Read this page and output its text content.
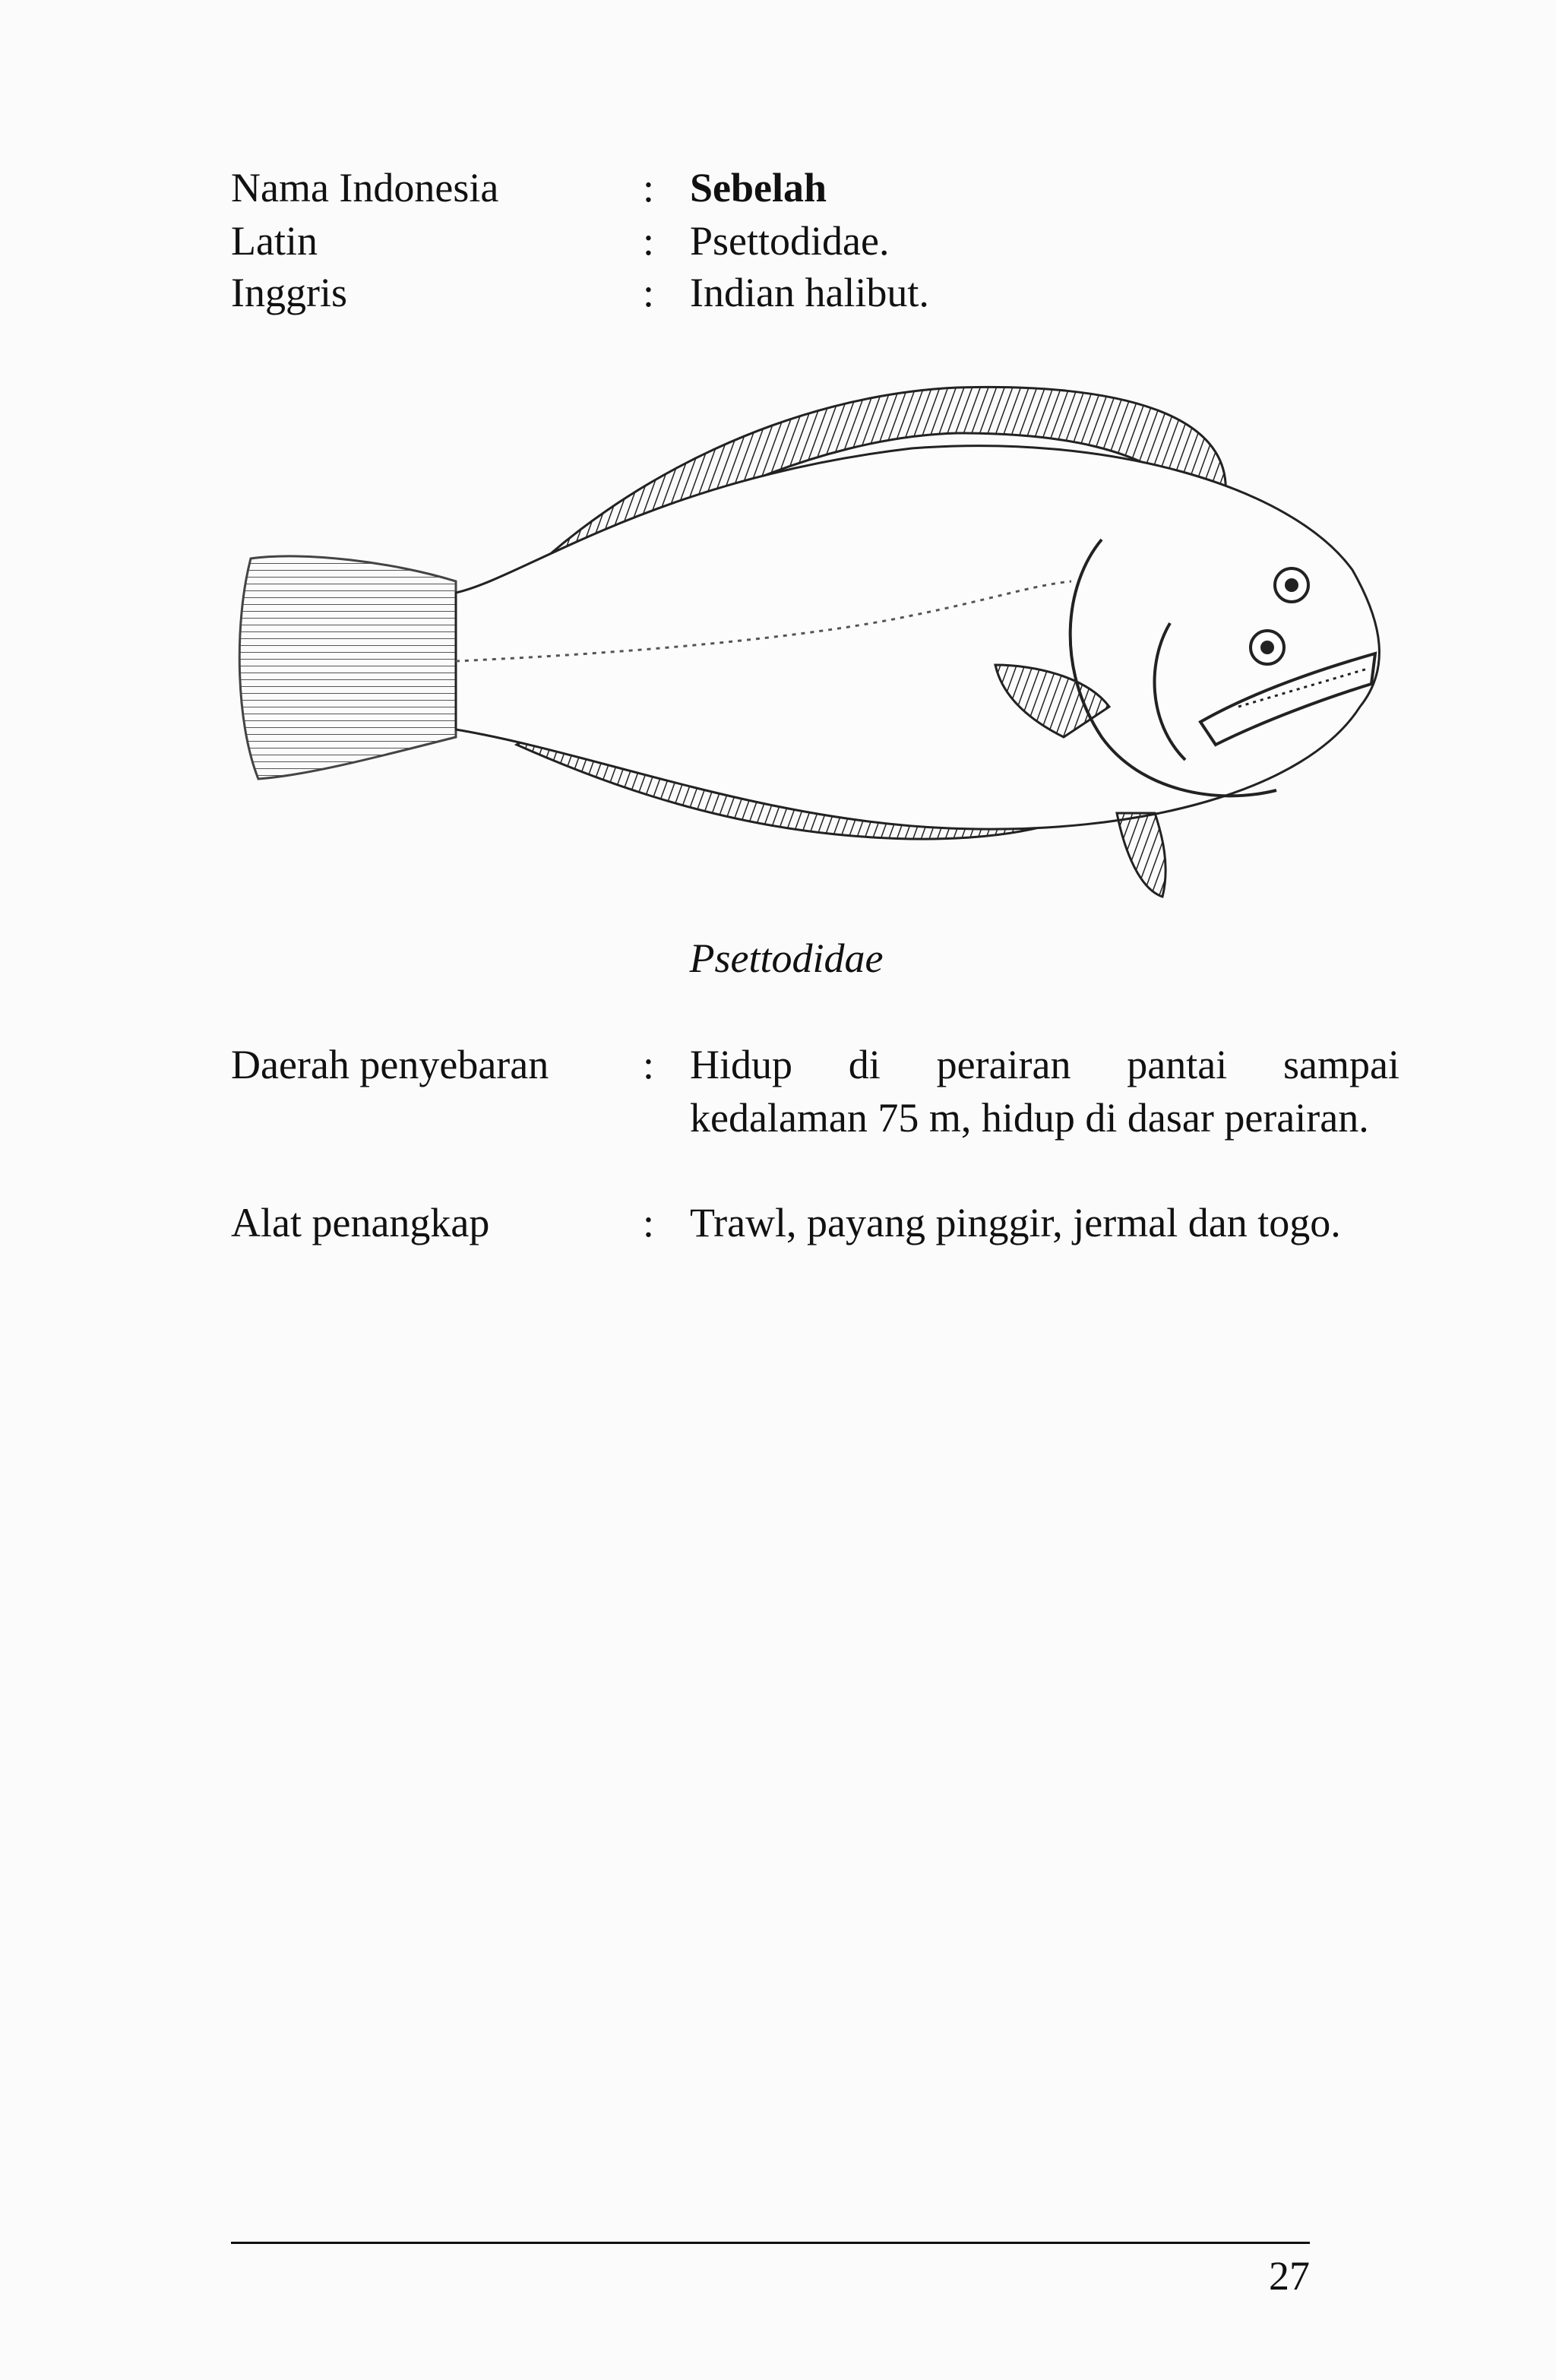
Nama Indonesia	: Sebelah
Latin	: Psettodidae.
Inggris	: Indian halibut.
Psettodidae
Daerah penyebaran : Hidup di perairan pantai sampai kedalaman 75 m, hidup di dasar perairan.
Alat penangkap	: Trawl, payang pinggir, jermal dan togo.
27
